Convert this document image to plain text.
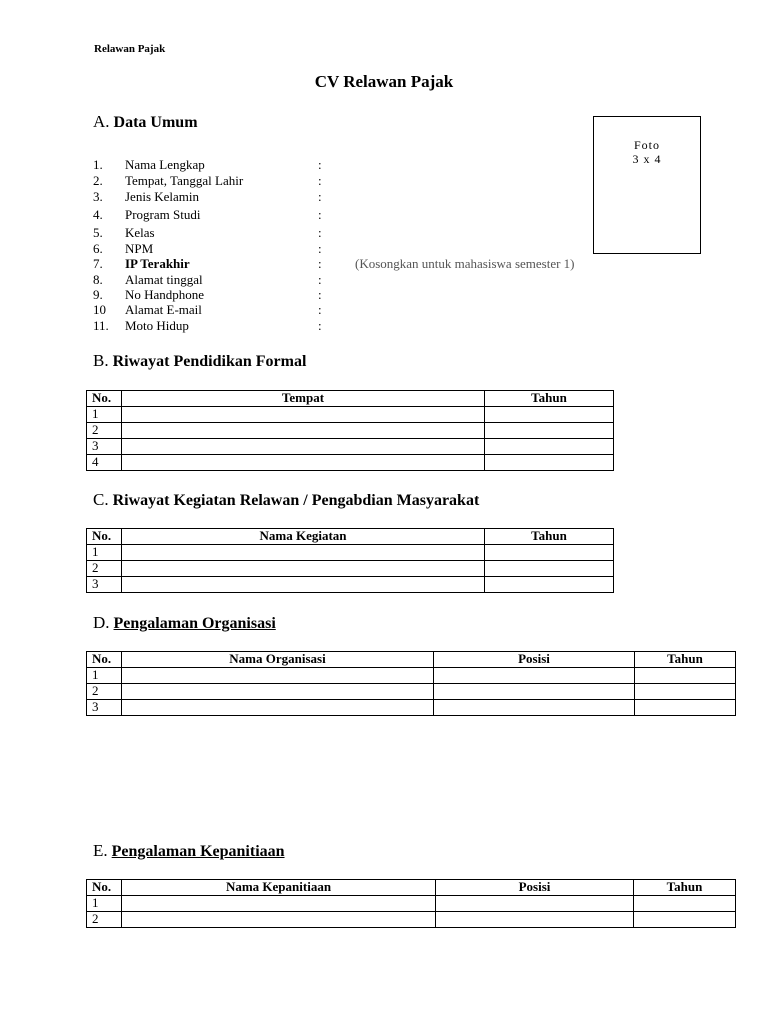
Relawan Pajak
CV Relawan Pajak
A. Data Umum
Foto
3 x 4
1. Nama Lengkap	:
2. Tempat, Tanggal Lahir	:
3. Jenis Kelamin	:
4. Program Studi	:
5. Kelas	:
6. NPM	:
7. IP Terakhir	:	(Kosongkan untuk mahasiswa semester 1)
8. Alamat tinggal	:
9. No Handphone	:
10 Alamat E-mail	:
11. Moto Hidup	:
B. Riwayat Pendidikan Formal
No.	Tempat	Tahun
1		
2		
3		
4		
C. Riwayat Kegiatan Relawan / Pengabdian Masyarakat
No.	Nama Kegiatan	Tahun
1		
2		
3		
D. Pengalaman Organisasi
No.	Nama Organisasi	Posisi	Tahun
1			
2			
3			
E. Pengalaman Kepanitiaan
No.	Nama Kepanitiaan	Posisi	Tahun
1			
2			
